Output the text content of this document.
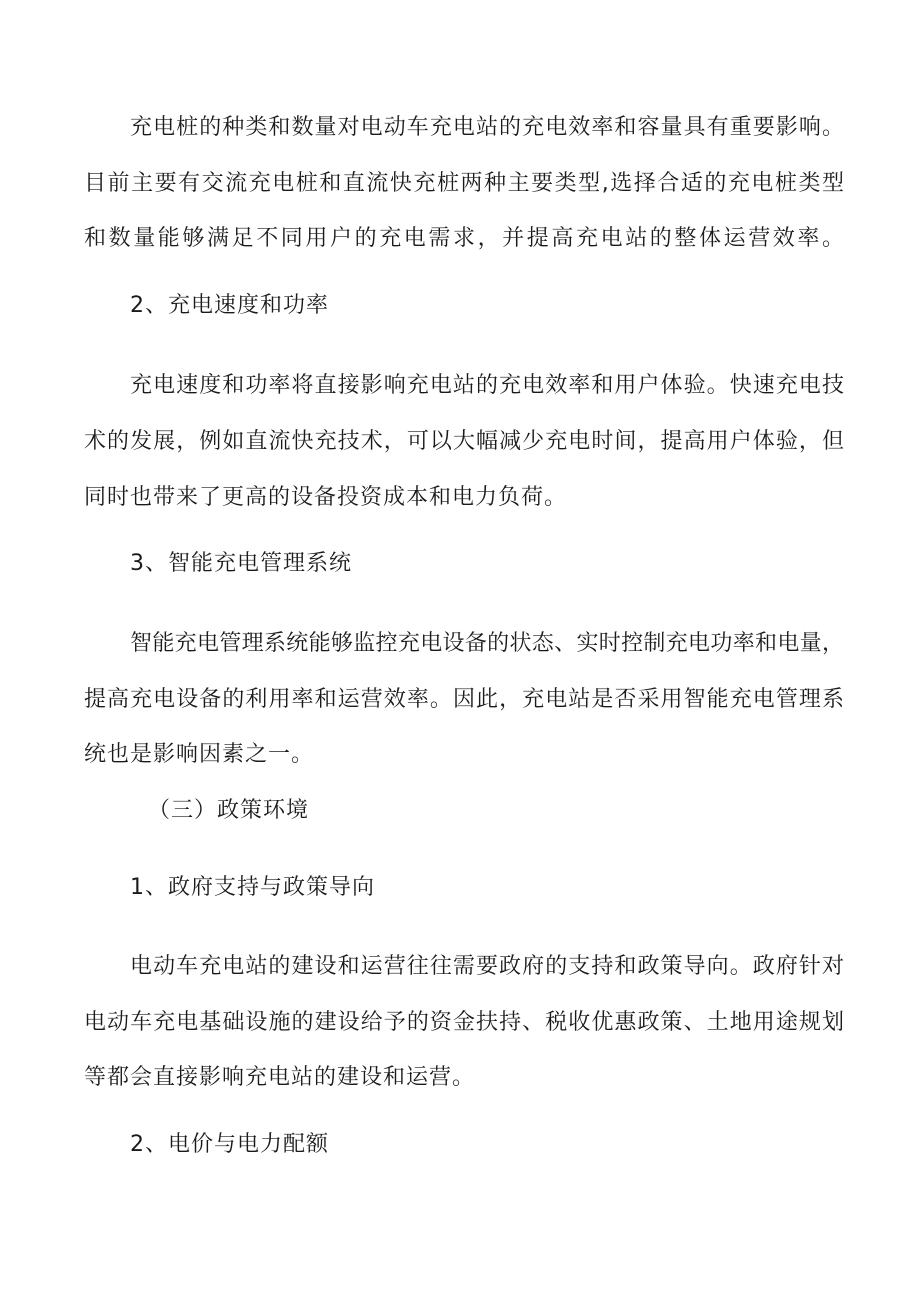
充电桩的种类和数量对电动车充电站的充电效率和容量具有重要影响。
目前主要有交流充电桩和直流快充桩两种主要类型,选择合适的充电桩类型
和数量能够满足不同用户的充电需求，并提高充电站的整体运营效率。
2、充电速度和功率
充电速度和功率将直接影响充电站的充电效率和用户体验。快速充电技
术的发展，例如直流快充技术，可以大幅减少充电时间，提高用户体验，但
同时也带来了更高的设备投资成本和电力负荷。
3、智能充电管理系统
智能充电管理系统能够监控充电设备的状态、实时控制充电功率和电量，
提高充电设备的利用率和运营效率。因此，充电站是否采用智能充电管理系
统也是影响因素之一。
（三）政策环境
1、政府支持与政策导向
电动车充电站的建设和运营往往需要政府的支持和政策导向。政府针对
电动车充电基础设施的建设给予的资金扶持、税收优惠政策、土地用途规划
等都会直接影响充电站的建设和运营。
2、电价与电力配额
